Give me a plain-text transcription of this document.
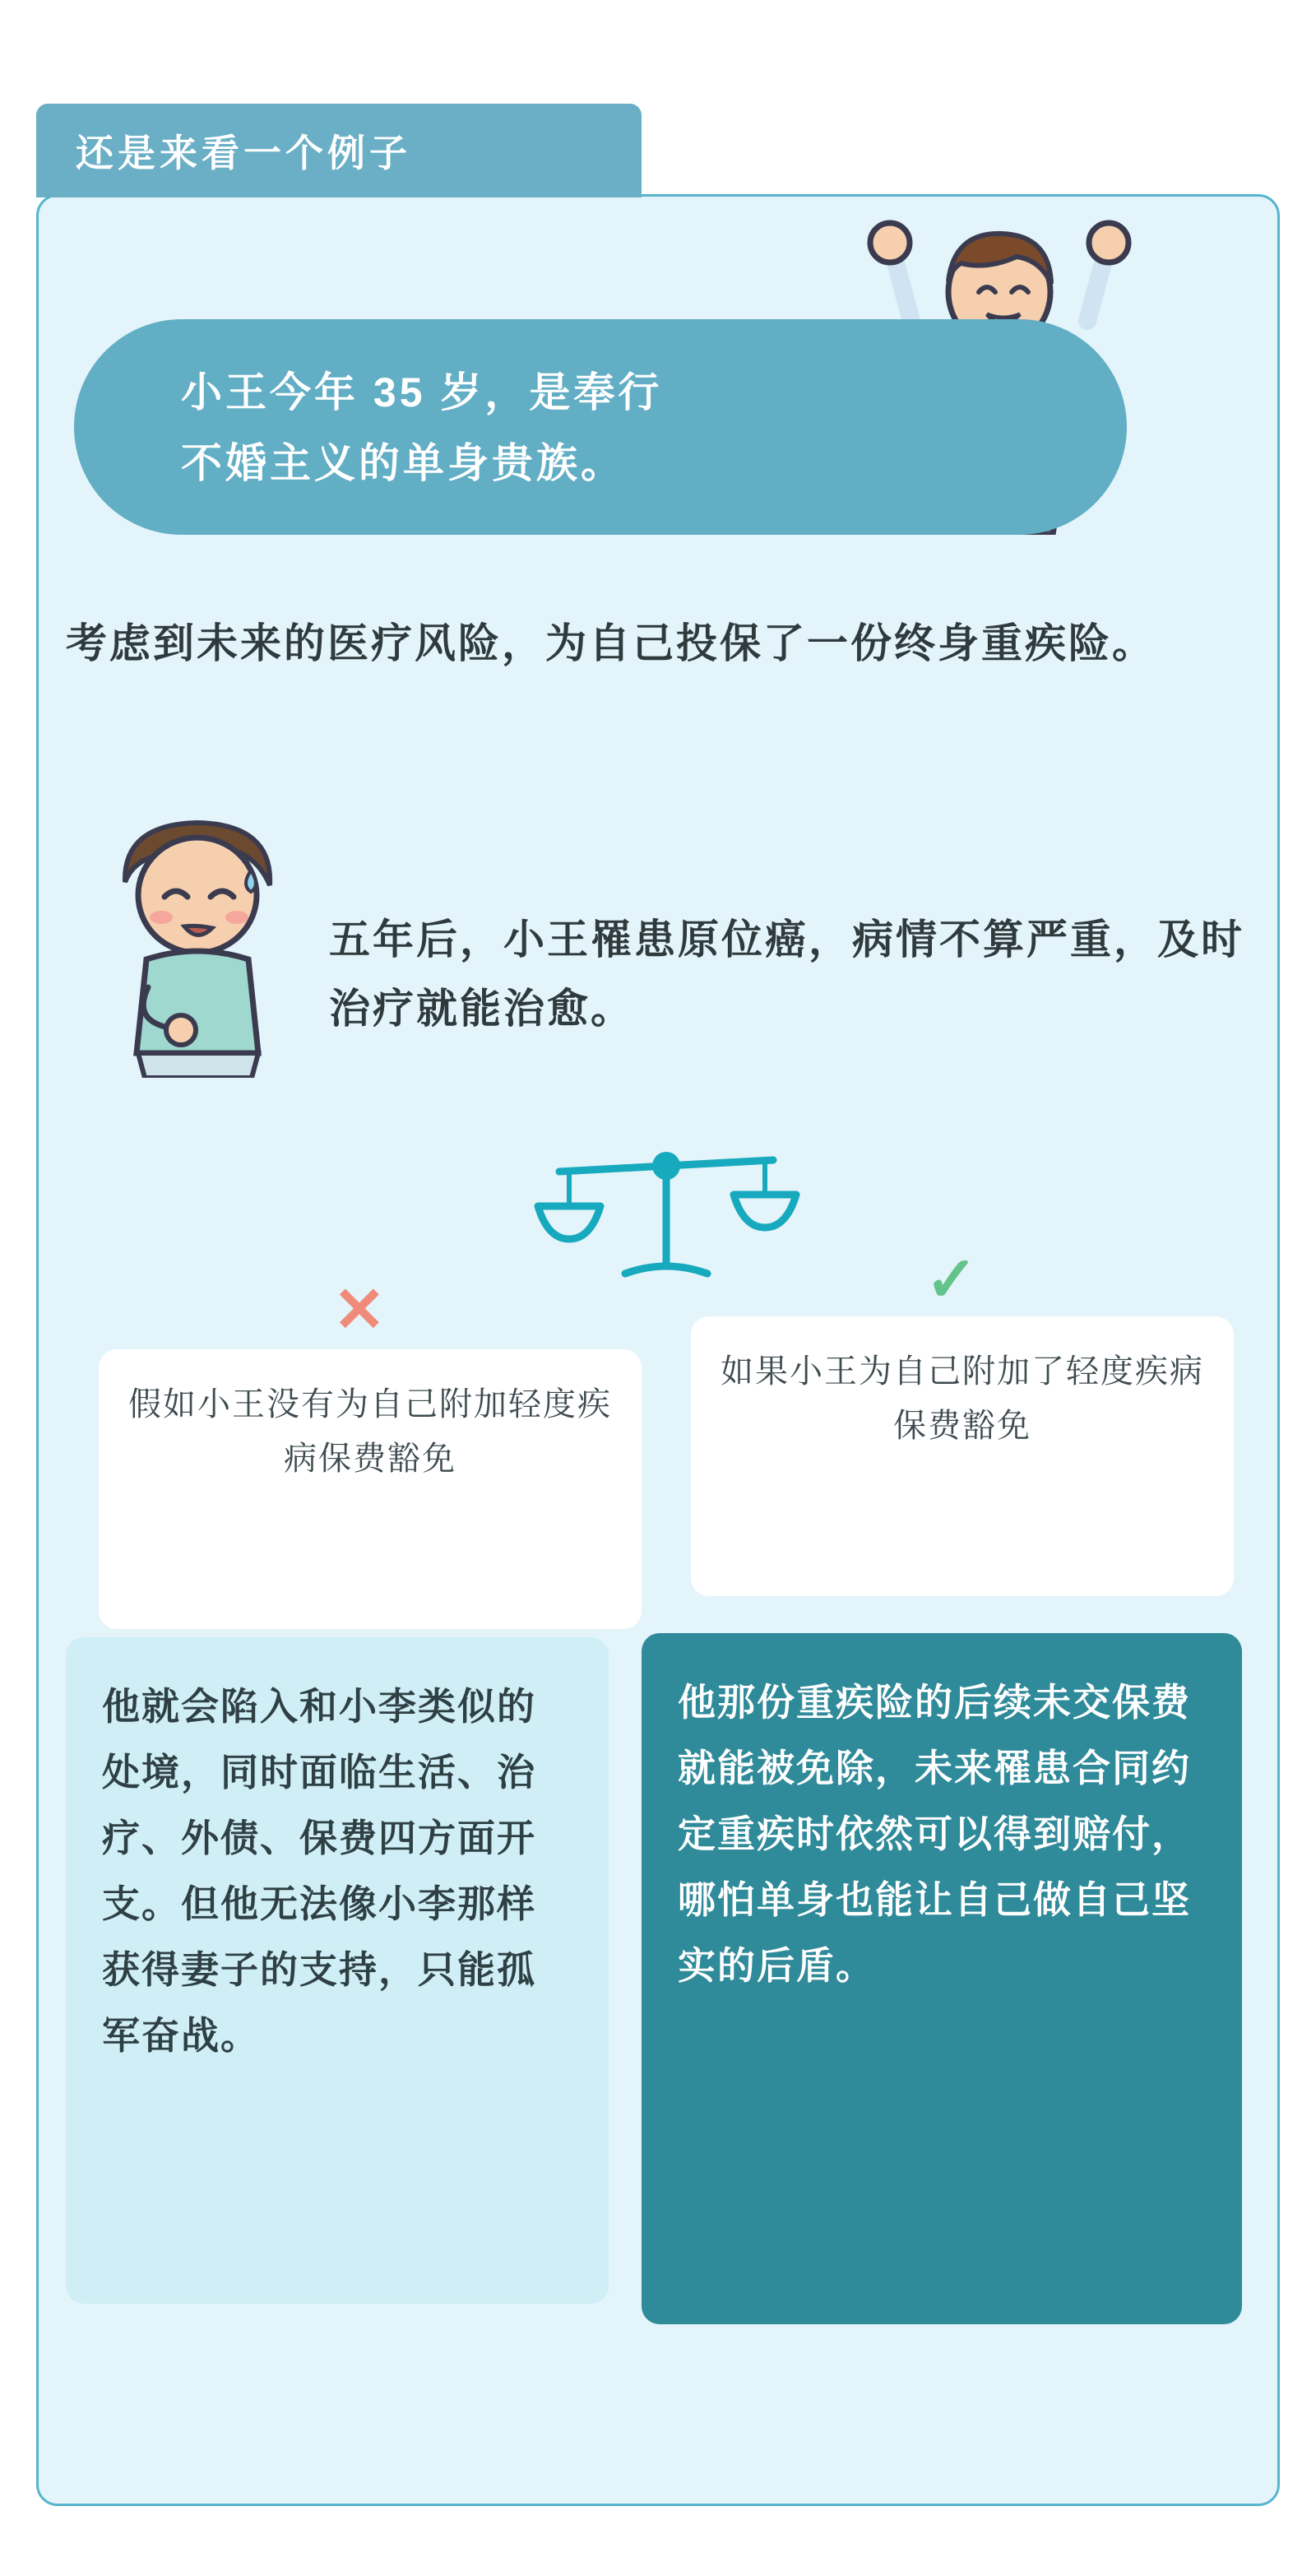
还是来看一个例子
小王今年 35 岁，是奉行
不婚主义的单身贵族。
考虑到未来的医疗风险，为自己投保了一份终身重疾险。
五年后，小王罹患原位癌，病情不算严重，及时治疗就能治愈。
✕	✓
假如小王没有为自己附加轻度疾病保费豁免
如果小王为自己附加了轻度疾病保费豁免
他就会陷入和小李类似的处境，同时面临生活、治疗、外债、保费四方面开支。但他无法像小李那样获得妻子的支持，只能孤军奋战。
他那份重疾险的后续未交保费就能被免除，未来罹患合同约定重疾时依然可以得到赔付，哪怕单身也能让自己做自己坚实的后盾。
